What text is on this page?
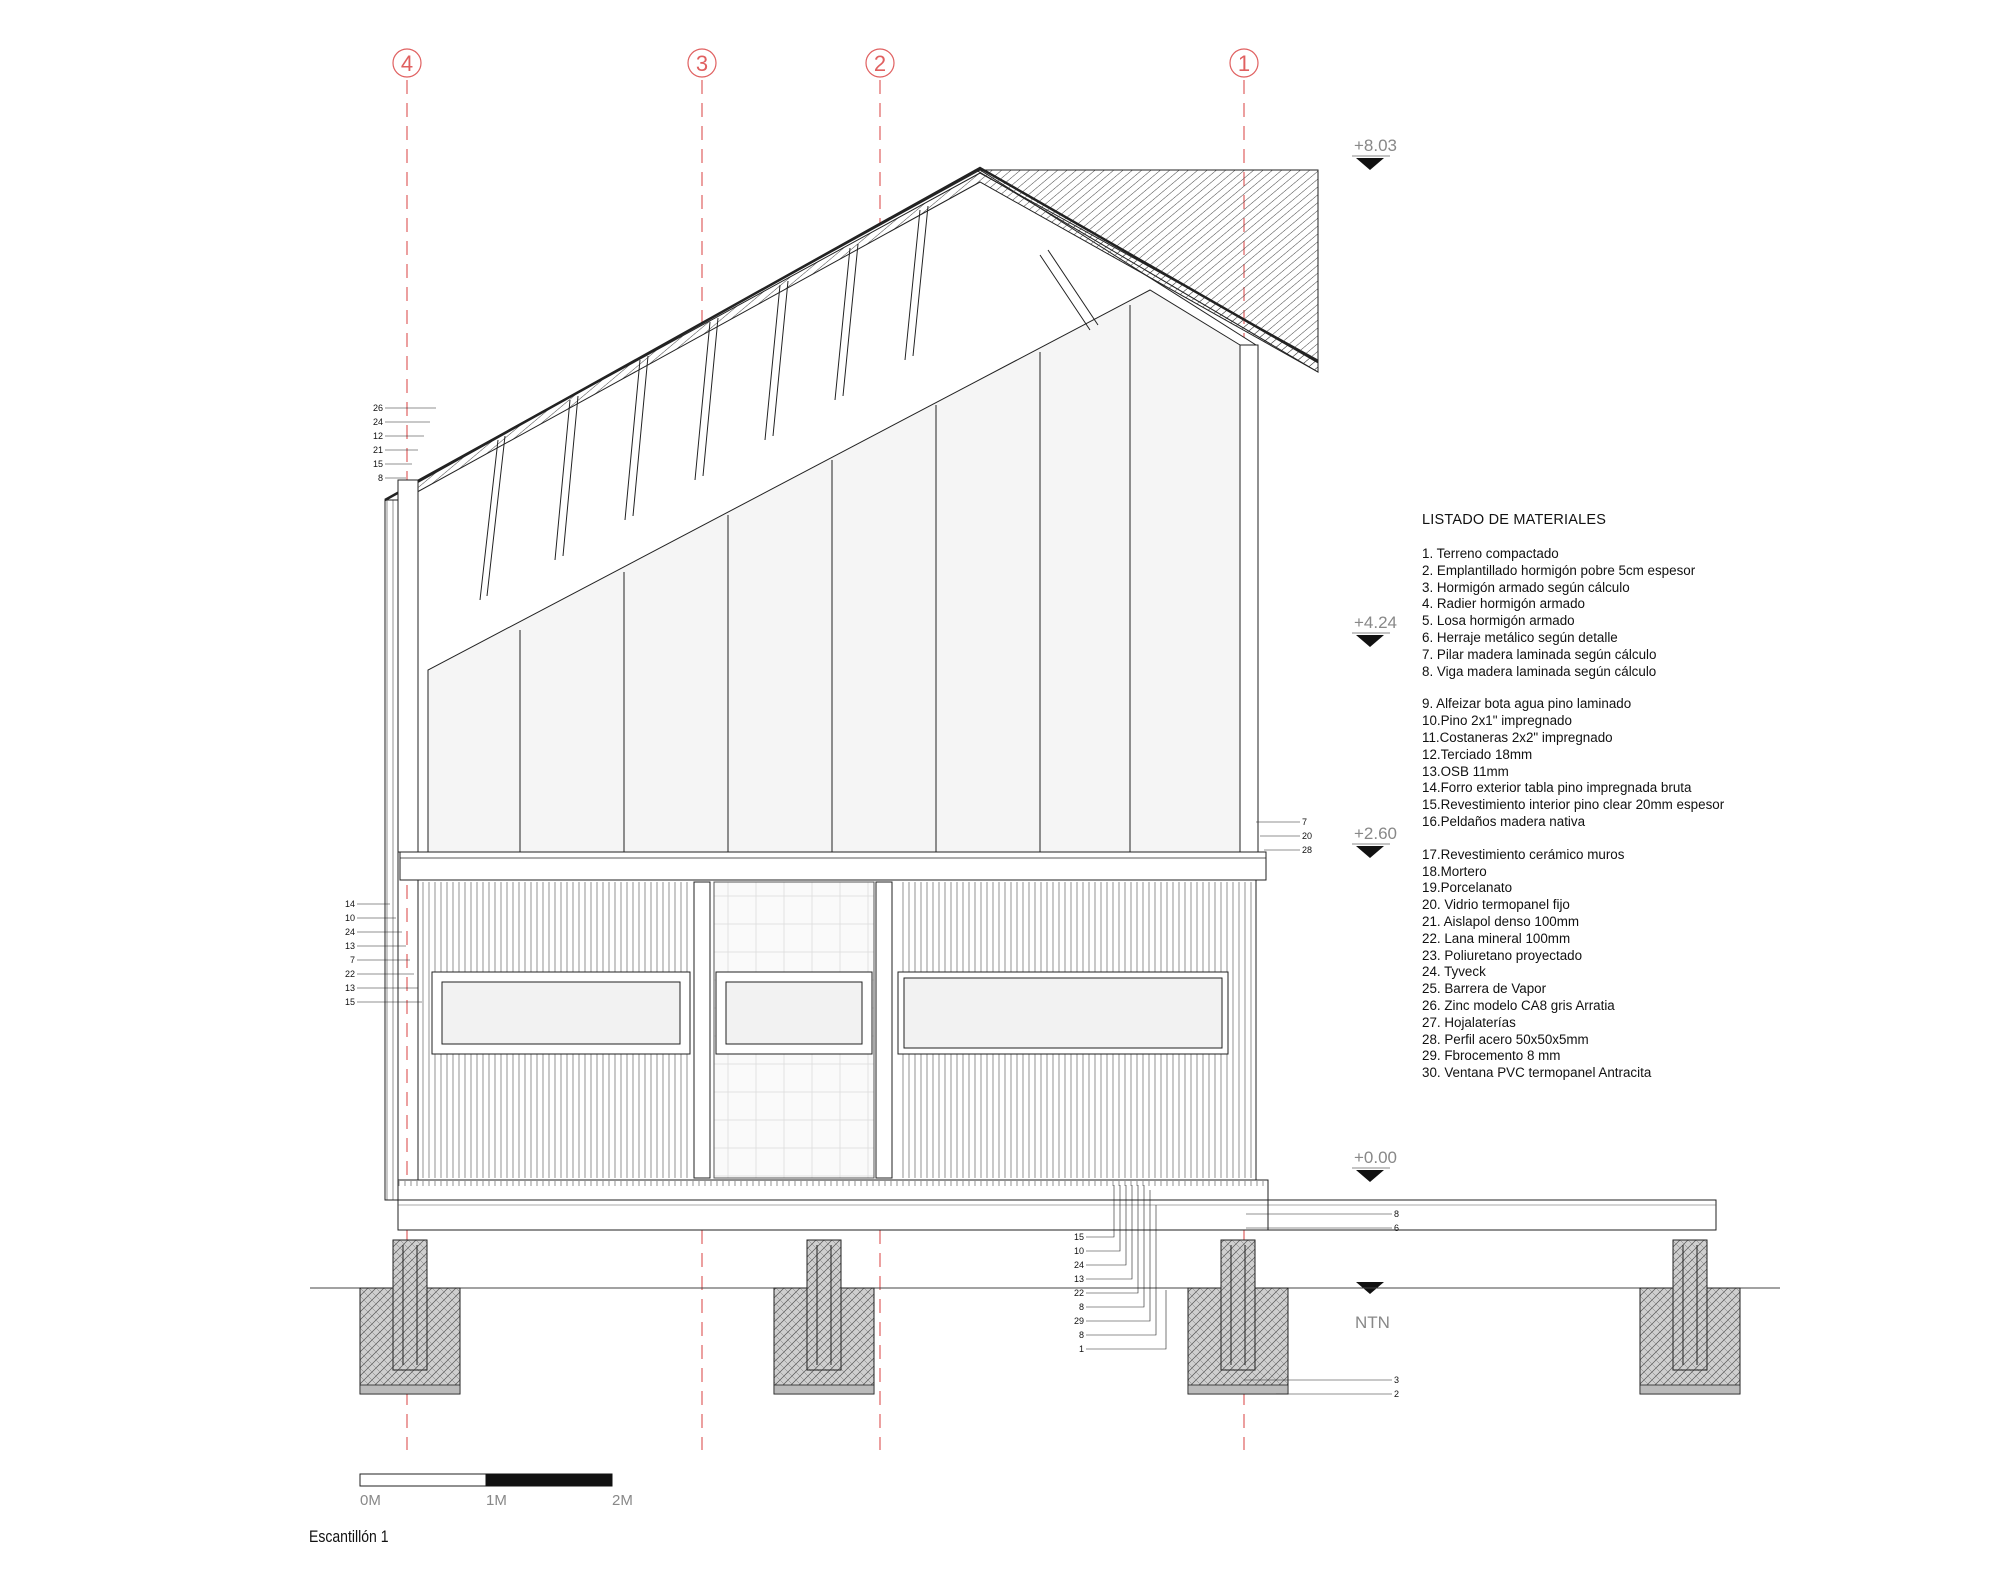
4	3	2	1
+8.03
+4.24
+2.60
+0.00
NTN
26
24
12
21
15
8
14
10
24
13
7
22
13
15
7
20
28
8
6
15
10
24
13
22
8
29
8
1
3
2
0M	1M	2M
LISTADO DE MATERIALES
1. Terreno compactado
2. Emplantillado hormigón pobre 5cm espesor
3. Hormigón armado según cálculo
4. Radier hormigón armado
5. Losa hormigón armado
6. Herraje metálico según detalle
7. Pilar madera laminada según cálculo
8. Viga madera laminada según cálculo
9. Alfeizar bota agua pino laminado
10.Pino 2x1" impregnado
11.Costaneras 2x2" impregnado
12.Terciado 18mm
13.OSB 11mm
14.Forro exterior tabla pino impregnada bruta
15.Revestimiento interior pino clear 20mm espesor
16.Peldaños madera nativa
17.Revestimiento cerámico muros
18.Mortero
19.Porcelanato
20. Vidrio termopanel fijo
21. Aislapol denso 100mm
22. Lana mineral 100mm
23. Poliuretano proyectado
24. Tyveck
25. Barrera de Vapor
26. Zinc modelo CA8 gris Arratia
27. Hojalaterías
28. Perfil acero 50x50x5mm
29. Fbrocemento 8 mm
30. Ventana PVC termopanel Antracita
Escantillón 1
